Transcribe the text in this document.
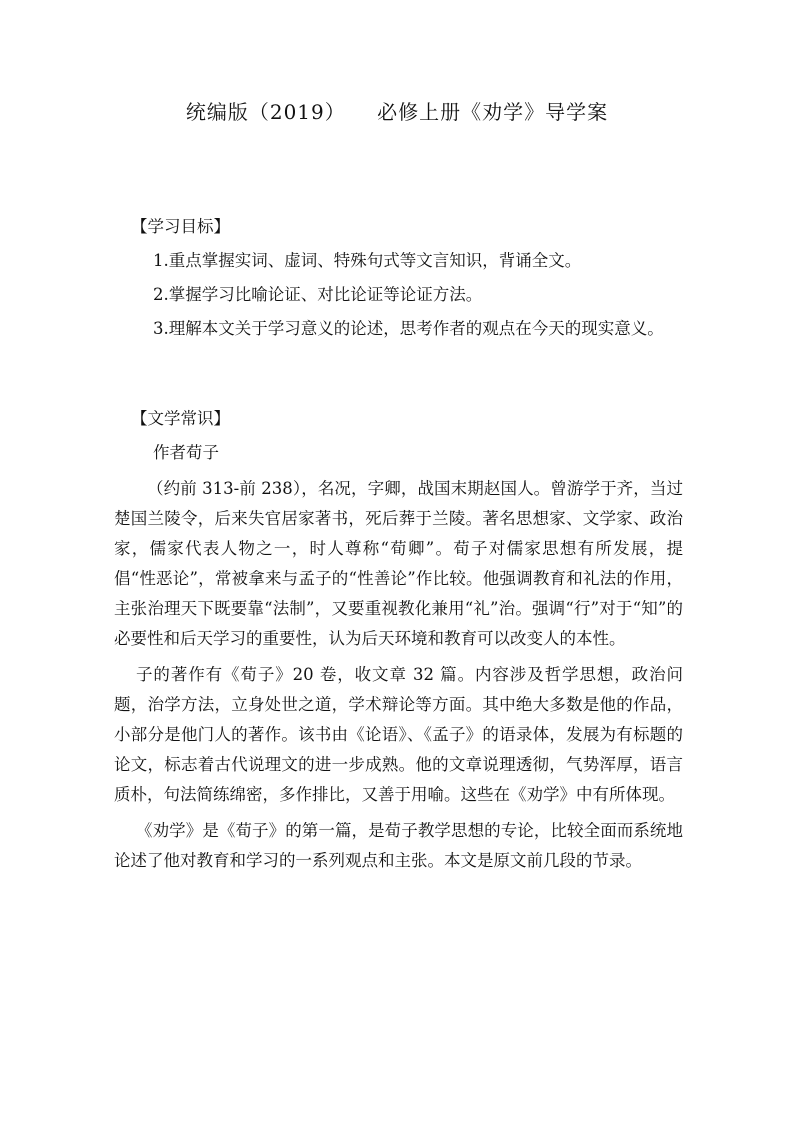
统编版（2019） 必修上册《劝学》导学案

【学习目标】

1.重点掌握实词、虚词、特殊句式等文言知识，背诵全文。

2.掌握学习比喻论证、对比论证等论证方法。

3.理解本文关于学习意义的论述，思考作者的观点在今天的现实意义。

【文学常识】

作者荀子

（约前 313-前 238），名况，字卿，战国末期赵国人。曾游学于齐，当过楚国兰陵令，后来失官居家著书，死后葬于兰陵。著名思想家、文学家、政治家，儒家代表人物之一，时人尊称“荀卿”。荀子对儒家思想有所发展，提倡“性恶论”，常被拿来与孟子的“性善论”作比较。他强调教育和礼法的作用，主张治理天下既要靠“法制”，又要重视教化兼用“礼”治。强调“行”对于“知”的必要性和后天学习的重要性，认为后天环境和教育可以改变人的本性。

子的著作有《荀子》20 卷，收文章 32 篇。内容涉及哲学思想，政治问题，治学方法，立身处世之道，学术辩论等方面。其中绝大多数是他的作品，小部分是他门人的著作。该书由《论语》、《孟子》的语录体，发展为有标题的论文，标志着古代说理文的进一步成熟。他的文章说理透彻，气势浑厚，语言质朴，句法简练绵密，多作排比，又善于用喻。这些在《劝学》中有所体现。

《劝学》是《荀子》的第一篇，是荀子教学思想的专论，比较全面而系统地论述了他对教育和学习的一系列观点和主张。本文是原文前几段的节录。
